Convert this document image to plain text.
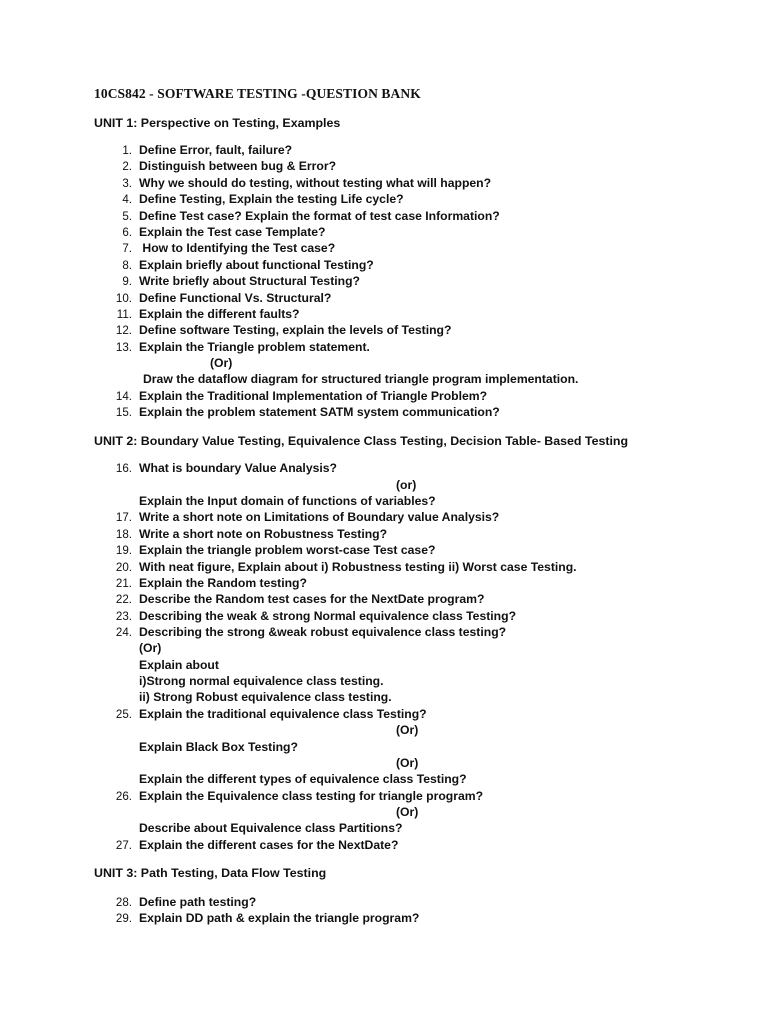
10CS842 - SOFTWARE TESTING -QUESTION BANK
UNIT 1: Perspective on Testing, Examples
1. Define Error, fault, failure?
2. Distinguish between bug & Error?
3. Why we should do testing, without testing what will happen?
4. Define Testing, Explain the testing Life cycle?
5. Define Test case? Explain the format of test case Information?
6. Explain the Test case Template?
7. How to Identifying the Test case?
8. Explain briefly about functional Testing?
9. Write briefly about Structural Testing?
10. Define Functional Vs. Structural?
11. Explain the different faults?
12. Define software Testing, explain the levels of Testing?
13. Explain the Triangle problem statement.
(Or)
Draw the dataflow diagram for structured triangle program implementation.
14. Explain the Traditional Implementation of Triangle Problem?
15. Explain the problem statement SATM system communication?
UNIT 2: Boundary Value Testing, Equivalence Class Testing, Decision Table- Based Testing
16. What is boundary Value Analysis?
(or)
Explain the Input domain of functions of variables?
17. Write a short note on Limitations of Boundary value Analysis?
18. Write a short note on Robustness Testing?
19. Explain the triangle problem worst-case Test case?
20. With neat figure, Explain about i) Robustness testing ii) Worst case Testing.
21. Explain the Random testing?
22. Describe the Random test cases for the NextDate program?
23. Describing the weak & strong Normal equivalence class Testing?
24. Describing the strong &weak robust equivalence class testing?
(Or)
Explain about
i)Strong normal equivalence class testing.
ii) Strong Robust equivalence class testing.
25. Explain the traditional equivalence class Testing?
(Or)
Explain Black Box Testing?
(Or)
Explain the different types of equivalence class Testing?
26. Explain the Equivalence class testing for triangle program?
(Or)
Describe about Equivalence class Partitions?
27. Explain the different cases for the NextDate?
UNIT 3: Path Testing, Data Flow Testing
28. Define path testing?
29. Explain DD path & explain the triangle program?
